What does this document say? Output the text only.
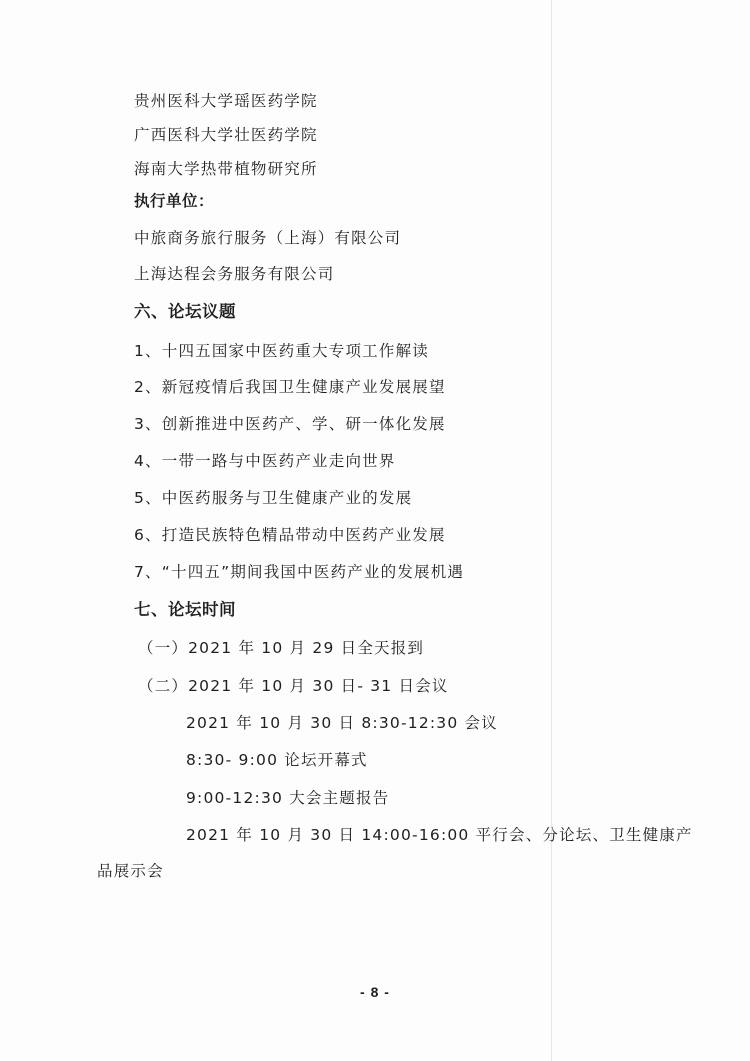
贵州医科大学瑶医药学院
广西医科大学壮医药学院
海南大学热带植物研究所
执行单位：
中旅商务旅行服务（上海）有限公司
上海达程会务服务有限公司
六、论坛议题
1、十四五国家中医药重大专项工作解读
2、新冠疫情后我国卫生健康产业发展展望
3、创新推进中医药产、学、研一体化发展
4、一带一路与中医药产业走向世界
5、中医药服务与卫生健康产业的发展
6、打造民族特色精品带动中医药产业发展
7、“十四五”期间我国中医药产业的发展机遇
七、论坛时间
（一）2021 年 10 月 29 日全天报到
（二）2021 年 10 月 30 日- 31 日会议
2021 年 10 月 30 日 8:30-12:30 会议
8:30- 9:00 论坛开幕式
9:00-12:30 大会主题报告
2021 年 10 月 30 日 14:00-16:00 平行会、分论坛、卫生健康产
品展示会
- 8 -
